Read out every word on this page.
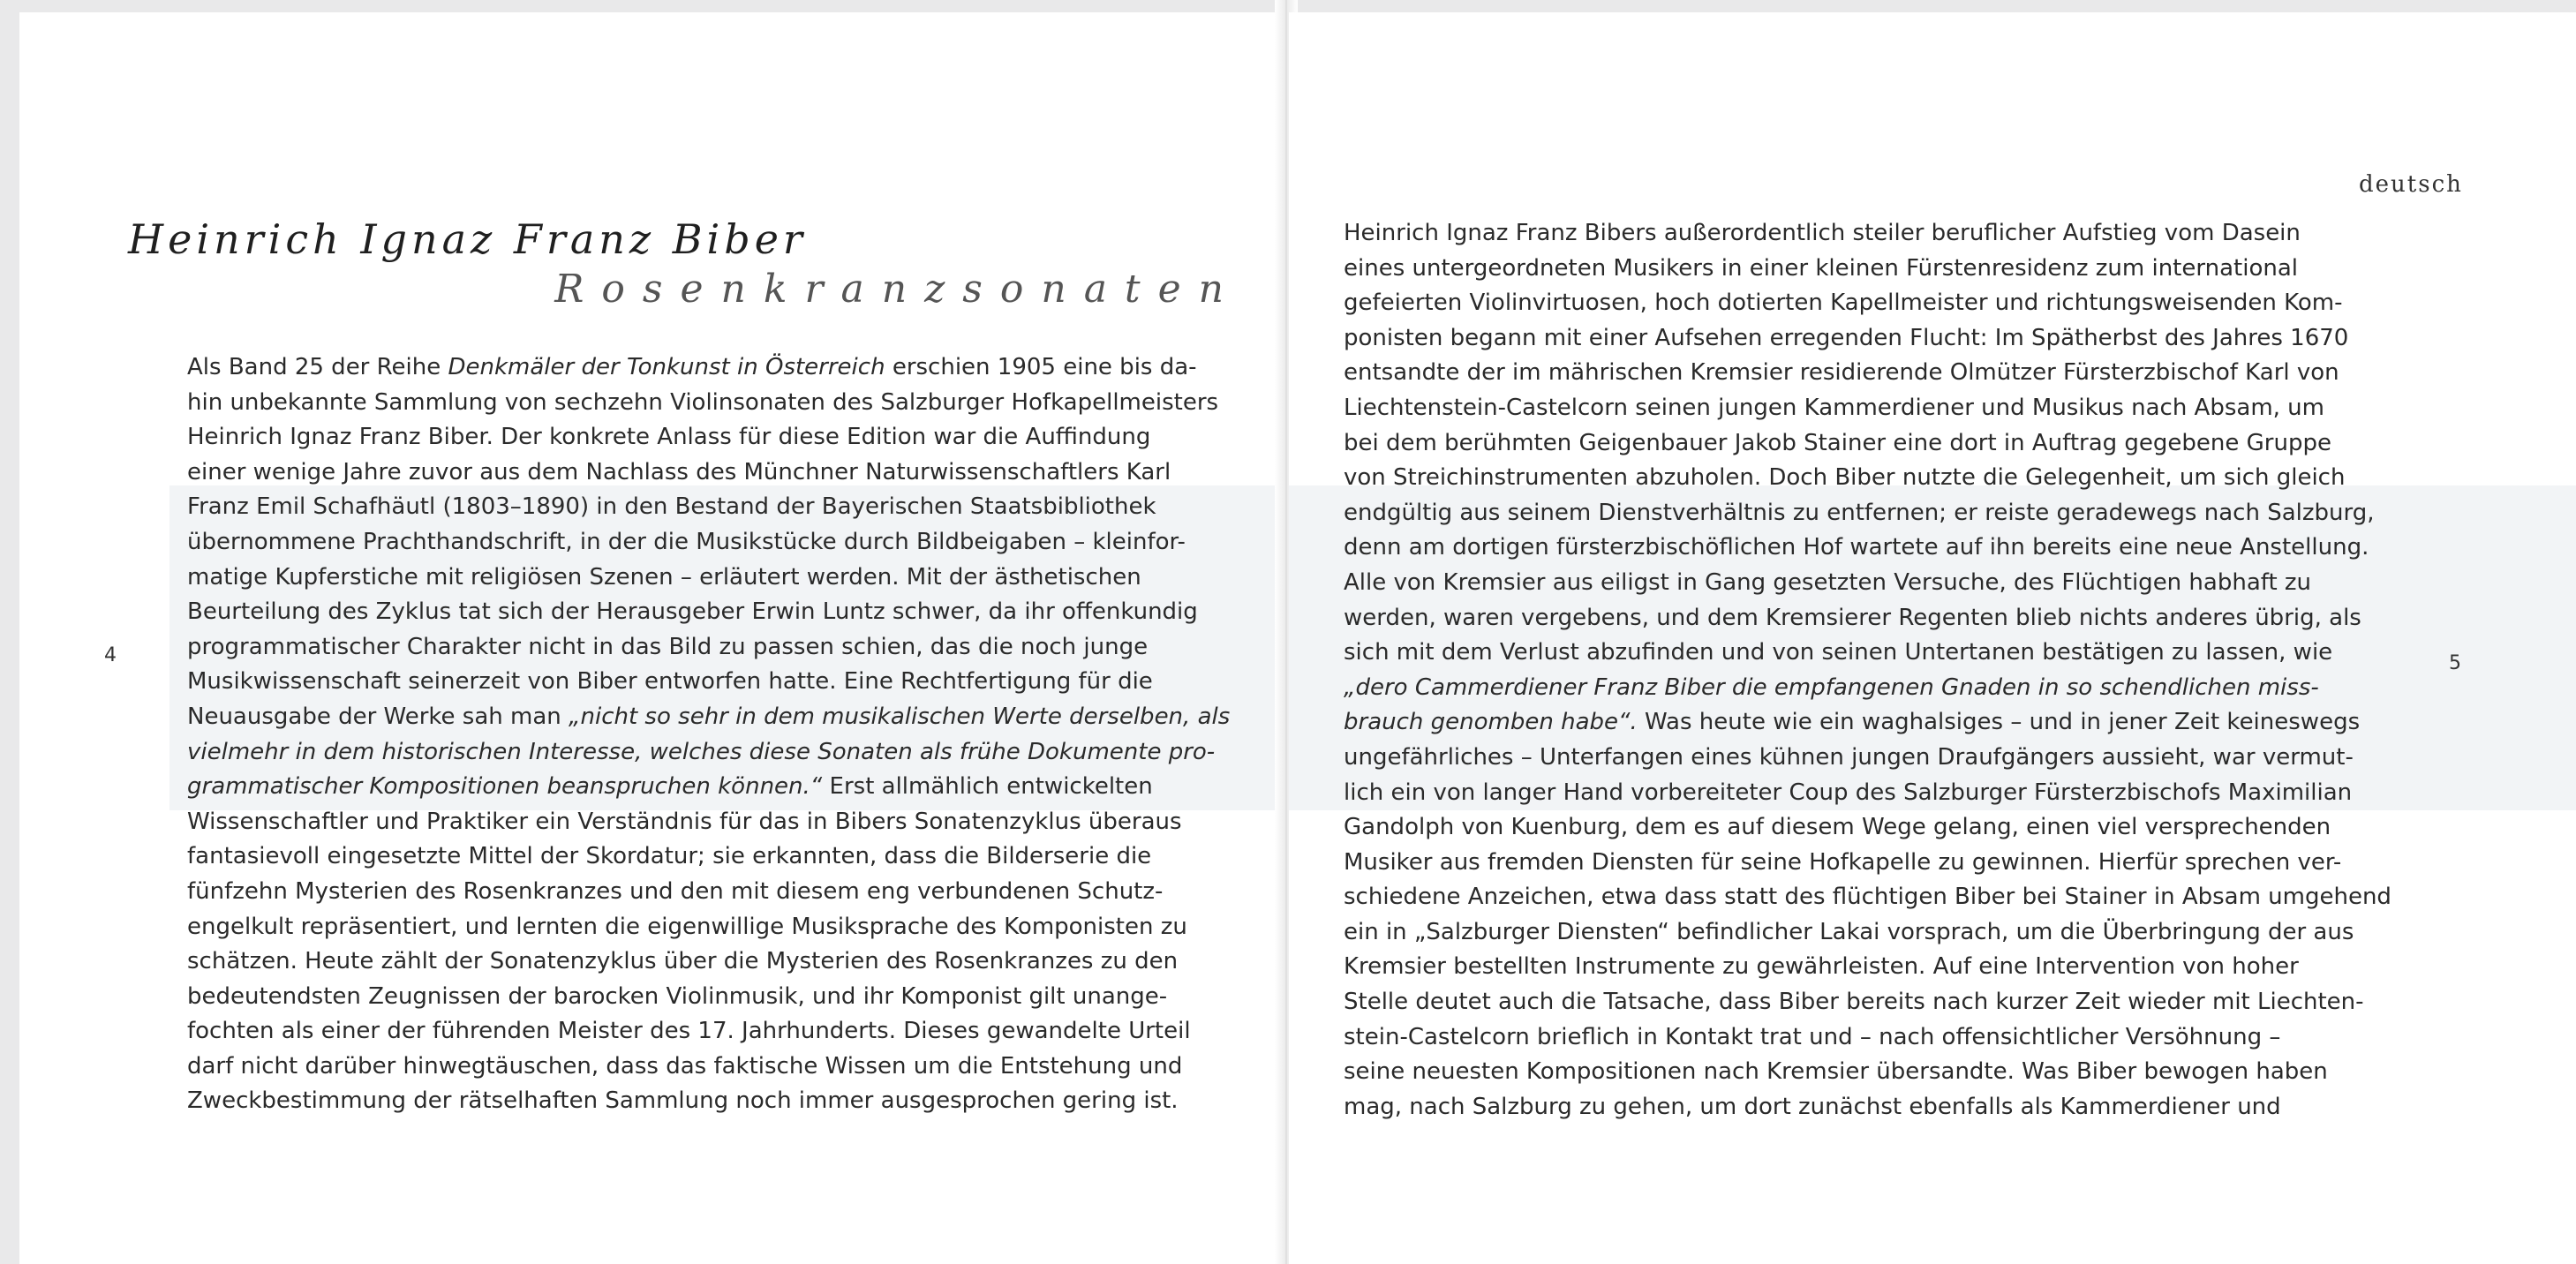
Heinrich Ignaz Franz Biber
Rosenkranzsonaten
4
Als Band 25 der Reihe Denkmäler der Tonkunst in Österreich erschien 1905 eine bis da-
hin unbekannte Sammlung von sechzehn Violinsonaten des Salzburger Hofkapellmeisters
Heinrich Ignaz Franz Biber. Der konkrete Anlass für diese Edition war die Auffindung
einer wenige Jahre zuvor aus dem Nachlass des Münchner Naturwissenschaftlers Karl
Franz Emil Schafhäutl (1803–1890) in den Bestand der Bayerischen Staatsbibliothek
übernommene Prachthandschrift, in der die Musikstücke durch Bildbeigaben – kleinfor-
matige Kupferstiche mit religiösen Szenen – erläutert werden. Mit der ästhetischen
Beurteilung des Zyklus tat sich der Herausgeber Erwin Luntz schwer, da ihr offenkundig
programmatischer Charakter nicht in das Bild zu passen schien, das die noch junge
Musikwissenschaft seinerzeit von Biber entworfen hatte. Eine Rechtfertigung für die
Neuausgabe der Werke sah man „nicht so sehr in dem musikalischen Werte derselben, als
vielmehr in dem historischen Interesse, welches diese Sonaten als frühe Dokumente pro-
grammatischer Kompositionen beanspruchen können.“ Erst allmählich entwickelten
Wissenschaftler und Praktiker ein Verständnis für das in Bibers Sonatenzyklus überaus
fantasievoll eingesetzte Mittel der Skordatur; sie erkannten, dass die Bilderserie die
fünfzehn Mysterien des Rosenkranzes und den mit diesem eng verbundenen Schutz-
engelkult repräsentiert, und lernten die eigenwillige Musiksprache des Komponisten zu
schätzen. Heute zählt der Sonatenzyklus über die Mysterien des Rosenkranzes zu den
bedeutendsten Zeugnissen der barocken Violinmusik, und ihr Komponist gilt unange-
fochten als einer der führenden Meister des 17. Jahrhunderts. Dieses gewandelte Urteil
darf nicht darüber hinwegtäuschen, dass das faktische Wissen um die Entstehung und
Zweckbestimmung der rätselhaften Sammlung noch immer ausgesprochen gering ist.
deutsch
5
Heinrich Ignaz Franz Bibers außerordentlich steiler beruflicher Aufstieg vom Dasein
eines untergeordneten Musikers in einer kleinen Fürstenresidenz zum international
gefeierten Violinvirtuosen, hoch dotierten Kapellmeister und richtungsweisenden Kom-
ponisten begann mit einer Aufsehen erregenden Flucht: Im Spätherbst des Jahres 1670
entsandte der im mährischen Kremsier residierende Olmützer Fürsterzbischof Karl von
Liechtenstein-Castelcorn seinen jungen Kammerdiener und Musikus nach Absam, um
bei dem berühmten Geigenbauer Jakob Stainer eine dort in Auftrag gegebene Gruppe
von Streichinstrumenten abzuholen. Doch Biber nutzte die Gelegenheit, um sich gleich
endgültig aus seinem Dienstverhältnis zu entfernen; er reiste geradewegs nach Salzburg,
denn am dortigen fürsterzbischöflichen Hof wartete auf ihn bereits eine neue Anstellung.
Alle von Kremsier aus eiligst in Gang gesetzten Versuche, des Flüchtigen habhaft zu
werden, waren vergebens, und dem Kremsierer Regenten blieb nichts anderes übrig, als
sich mit dem Verlust abzufinden und von seinen Untertanen bestätigen zu lassen, wie
„dero Cammerdiener Franz Biber die empfangenen Gnaden in so schendlichen miss-
brauch genomben habe“. Was heute wie ein waghalsiges – und in jener Zeit keineswegs
ungefährliches – Unterfangen eines kühnen jungen Draufgängers aussieht, war vermut-
lich ein von langer Hand vorbereiteter Coup des Salzburger Fürsterzbischofs Maximilian
Gandolph von Kuenburg, dem es auf diesem Wege gelang, einen viel versprechenden
Musiker aus fremden Diensten für seine Hofkapelle zu gewinnen. Hierfür sprechen ver-
schiedene Anzeichen, etwa dass statt des flüchtigen Biber bei Stainer in Absam umgehend
ein in „Salzburger Diensten“ befindlicher Lakai vorsprach, um die Überbringung der aus
Kremsier bestellten Instrumente zu gewährleisten. Auf eine Intervention von hoher
Stelle deutet auch die Tatsache, dass Biber bereits nach kurzer Zeit wieder mit Liechten-
stein-Castelcorn brieflich in Kontakt trat und – nach offensichtlicher Versöhnung –
seine neuesten Kompositionen nach Kremsier übersandte. Was Biber bewogen haben
mag, nach Salzburg zu gehen, um dort zunächst ebenfalls als Kammerdiener und
